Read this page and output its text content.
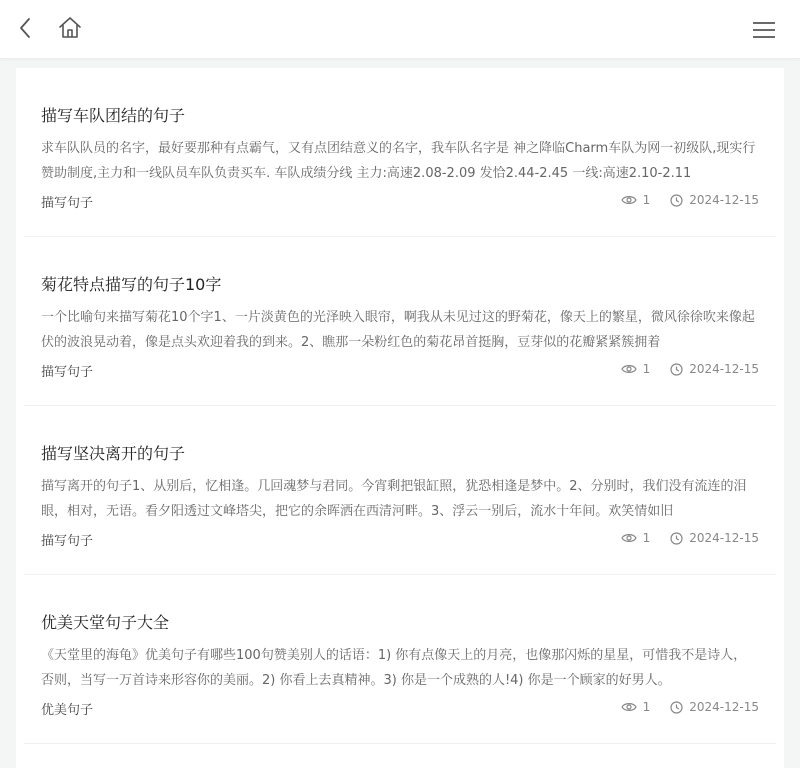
描写车队团结的句子
求车队队员的名字，最好要那种有点霸气，又有点团结意义的名字，我车队名字是 神之降临Charm车队为网一初级队,现实行赞助制度,主力和一线队员车队负责买车. 车队成绩分线 主力:高速2.08-2.09 发恰2.44-2.45 一线:高速2.10-2.11
描写句子	1	2024-12-15
菊花特点描写的句子10字
一个比喻句来描写菊花10个字1、一片淡黄色的光泽映入眼帘，啊我从未见过这的野菊花，像天上的繁星，微风徐徐吹来像起伏的波浪晃动着，像是点头欢迎着我的到来。2、瞧那一朵粉红色的菊花昂首挺胸，豆芽似的花瓣紧紧簇拥着
描写句子	1	2024-12-15
描写坚决离开的句子
描写离开的句子1、从别后，忆相逢。几回魂梦与君同。今宵剩把银缸照，犹恐相逢是梦中。2、分别时，我们没有流连的泪眼，相对，无语。看夕阳透过文峰塔尖，把它的余晖洒在西清河畔。3、浮云一别后，流水十年间。欢笑情如旧
描写句子	1	2024-12-15
优美天堂句子大全
《天堂里的海龟》优美句子有哪些100句赞美别人的话语：1) 你有点像天上的月亮，也像那闪烁的星星，可惜我不是诗人，否则，当写一万首诗来形容你的美丽。2) 你看上去真精神。3) 你是一个成熟的人!4) 你是一个顾家的好男人。
优美句子	1	2024-12-15
